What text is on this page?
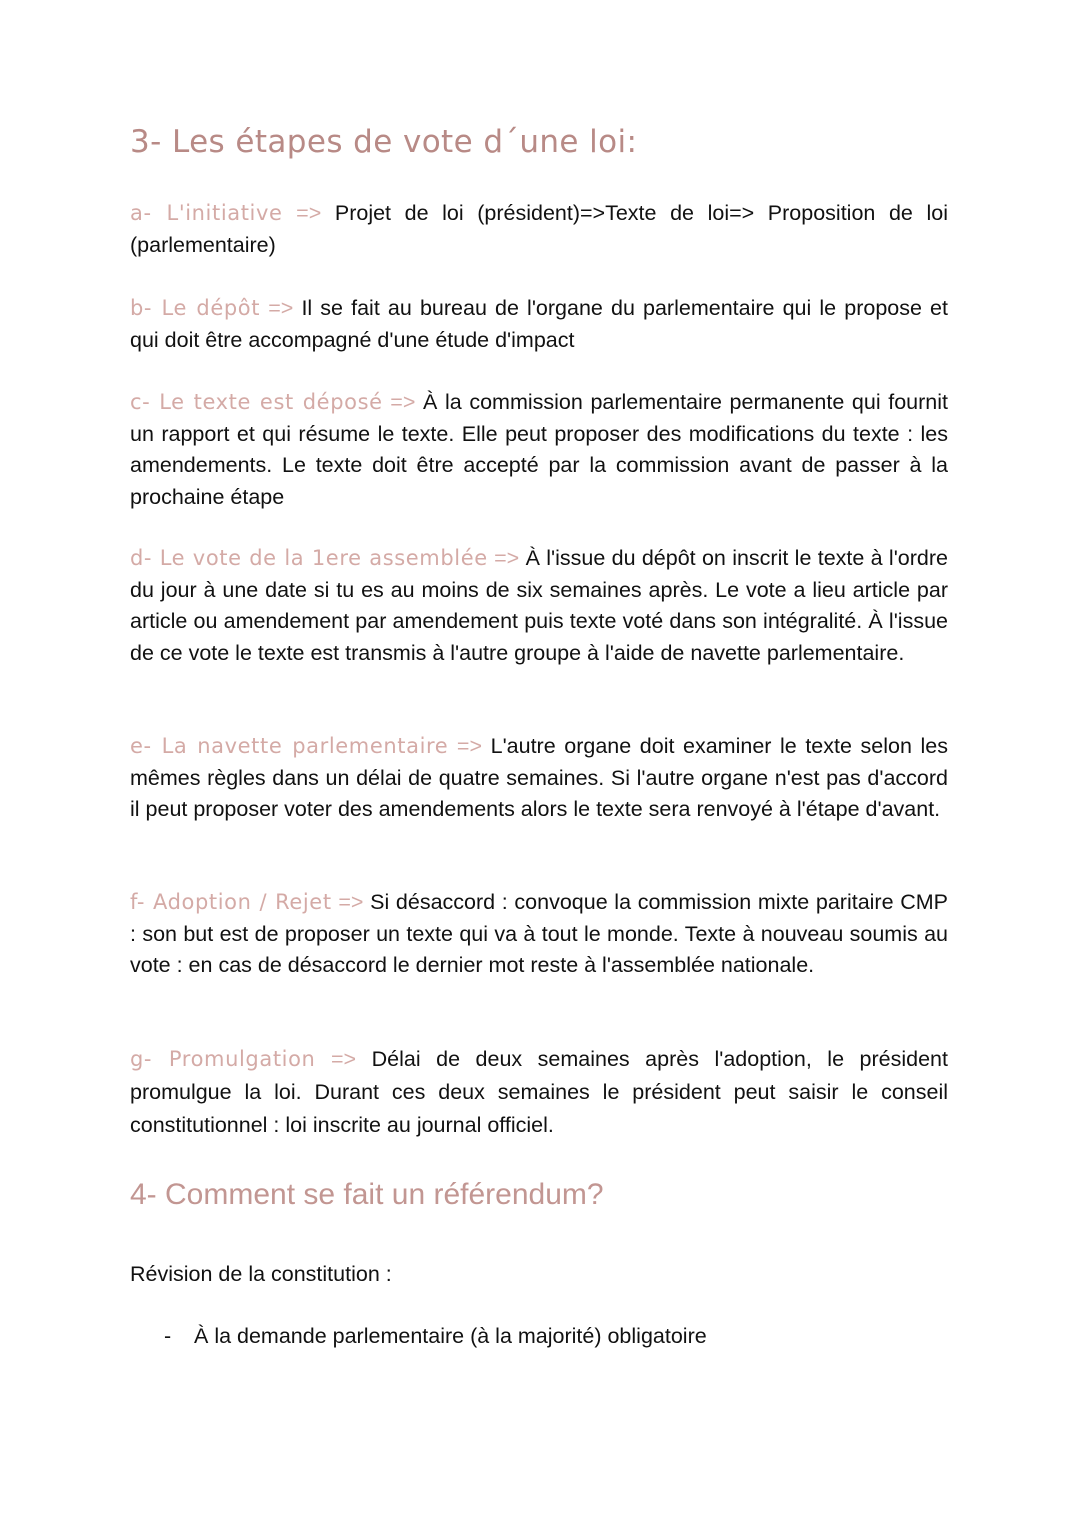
3- Les étapes de vote d´une loi:

a- L'initiative => Projet de loi (président)=>Texte de loi=> Proposition de loi (parlementaire)

b- Le dépôt => Il se fait au bureau de l'organe du parlementaire qui le propose et qui doit être accompagné d'une étude d'impact

c- Le texte est déposé => À la commission parlementaire permanente qui fournit un rapport et qui résume le texte. Elle peut proposer des modifications du texte : les amendements. Le texte doit être accepté par la commission avant de passer à la prochaine étape

d- Le vote de la 1ere assemblée => À l'issue du dépôt on inscrit le texte à l'ordre du jour à une date si tu es au moins de six semaines après. Le vote a lieu article par article ou amendement par amendement puis texte voté dans son intégralité. À l'issue de ce vote le texte est transmis à l'autre groupe à l'aide de navette parlementaire.

e- La navette parlementaire => L'autre organe doit examiner le texte selon les mêmes règles dans un délai de quatre semaines. Si l'autre organe n'est pas d'accord il peut proposer voter des amendements alors le texte sera renvoyé à l'étape d'avant.

f- Adoption / Rejet => Si désaccord : convoque la commission mixte paritaire CMP : son but est de proposer un texte qui va à tout le monde. Texte à nouveau soumis au vote : en cas de désaccord le dernier mot reste à l'assemblée nationale.

g- Promulgation => Délai de deux semaines après l'adoption, le président promulgue la loi. Durant ces deux semaines le président peut saisir le conseil constitutionnel : loi inscrite au journal officiel.

4- Comment se fait un référendum?

Révision de la constitution :

- À la demande parlementaire (à la majorité) obligatoire
